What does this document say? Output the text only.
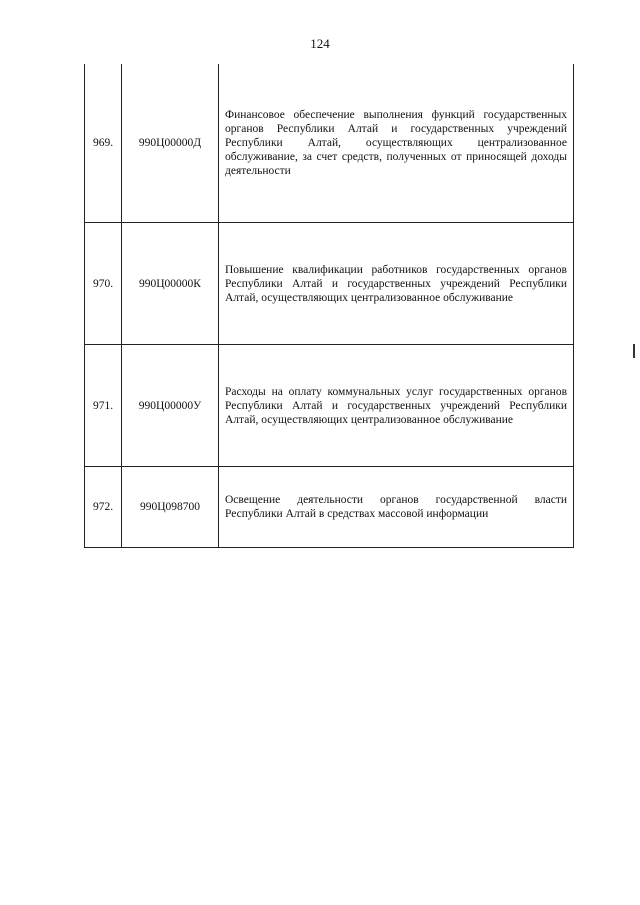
124
969.	990Ц00000Д	Финансовое обеспечение выполнения функций государственных органов Республики Алтай и государственных учреждений Республики Алтай, осуществляющих централизованное обслуживание, за счет средств, полученных от приносящей доходы деятельности
970.	990Ц00000К	Повышение квалификации работников государственных органов Республики Алтай и государственных учреждений Республики Алтай, осуществляющих централизованное обслуживание
971.	990Ц00000У	Расходы на оплату коммунальных услуг государственных органов Республики Алтай и государственных учреждений Республики Алтай, осуществляющих централизованное обслуживание
972.	990Ц098700	Освещение деятельности органов государственной власти Республики Алтай в средствах массовой информации
